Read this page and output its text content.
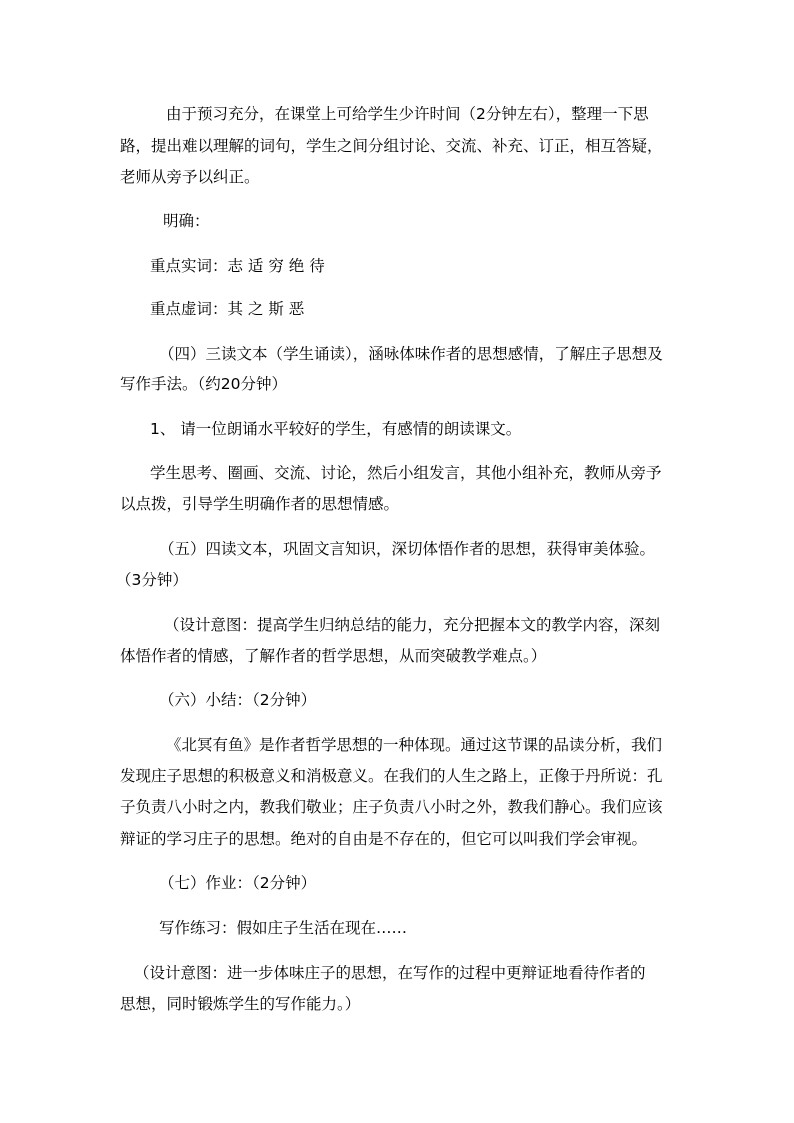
由于预习充分，在课堂上可给学生少许时间（2分钟左右），整理一下思
路，提出难以理解的词句，学生之间分组讨论、交流、补充、订正，相互答疑，
老师从旁予以纠正。
明确：
重点实词：志 适 穷 绝 待
重点虚词：其 之 斯 恶
（四）三读文本（学生诵读），涵咏体味作者的思想感情，了解庄子思想及
写作手法。（约20分钟）
1、 请一位朗诵水平较好的学生，有感情的朗读课文。
学生思考、圈画、交流、讨论，然后小组发言，其他小组补充，教师从旁予
以点拨，引导学生明确作者的思想情感。
（五）四读文本，巩固文言知识，深切体悟作者的思想，获得审美体验。
（3分钟）
（设计意图：提高学生归纳总结的能力，充分把握本文的教学内容，深刻
体悟作者的情感，了解作者的哲学思想，从而突破教学难点。）
（六）小结：（2分钟）
《北冥有鱼》是作者哲学思想的一种体现。通过这节课的品读分析，我们
发现庄子思想的积极意义和消极意义。在我们的人生之路上，正像于丹所说：孔
子负责八小时之内，教我们敬业；庄子负责八小时之外，教我们静心。我们应该
辩证的学习庄子的思想。绝对的自由是不存在的，但它可以叫我们学会审视。
（七）作业：（2分钟）
写作练习：假如庄子生活在现在……
（设计意图：进一步体味庄子的思想，在写作的过程中更辩证地看待作者的
思想，同时锻炼学生的写作能力。）
